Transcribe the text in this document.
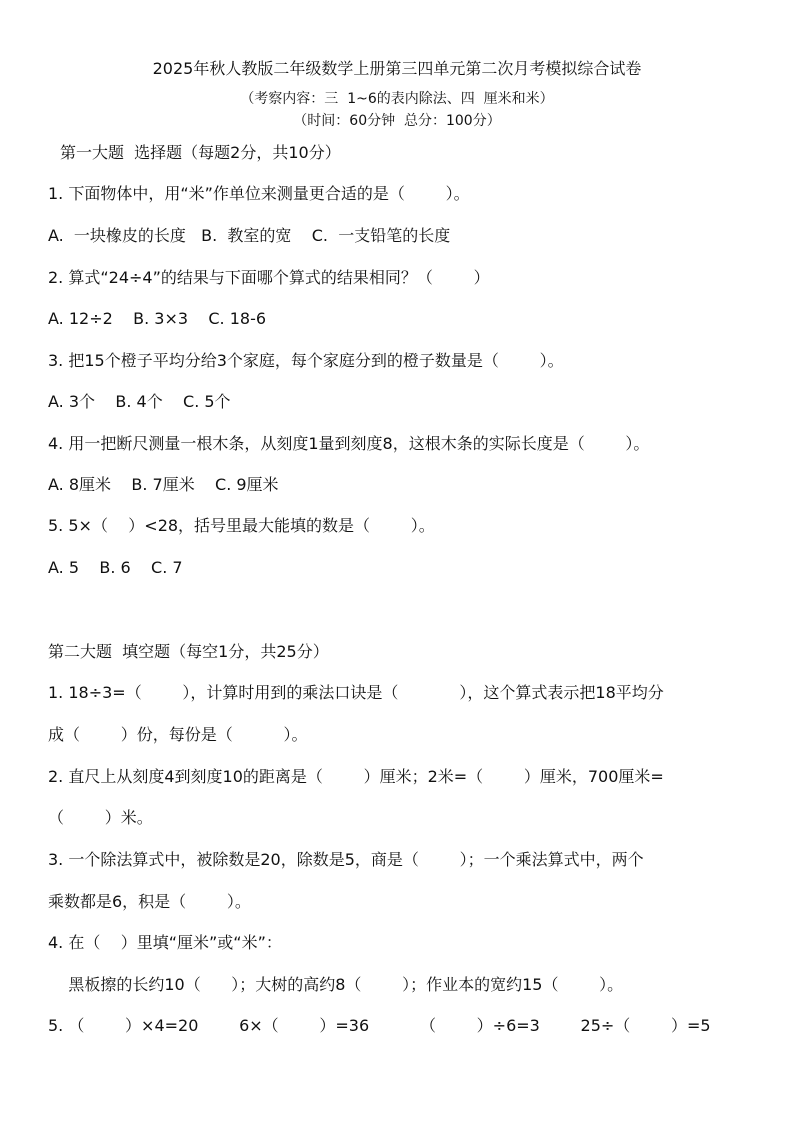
2025年秋人教版二年级数学上册第三四单元第二次月考模拟综合试卷
（考察内容：三  1~6的表内除法、四  厘米和米）
（时间：60分钟  总分：100分）
第一大题  选择题（每题2分，共10分）
1. 下面物体中，用“米”作单位来测量更合适的是（        ）。
A.  一块橡皮的长度   B.  教室的宽    C.  一支铅笔的长度
2. 算式“24÷4”的结果与下面哪个算式的结果相同？（        ）
A. 12÷2    B. 3×3    C. 18-6
3. 把15个橙子平均分给3个家庭，每个家庭分到的橙子数量是（        ）。
A. 3个    B. 4个    C. 5个
4. 用一把断尺测量一根木条，从刻度1量到刻度8，这根木条的实际长度是（        ）。
A. 8厘米    B. 7厘米    C. 9厘米
5. 5×（    ）<28，括号里最大能填的数是（        ）。
A. 5    B. 6    C. 7
第二大题  填空题（每空1分，共25分）
1. 18÷3=（        ），计算时用到的乘法口诀是（            ），这个算式表示把18平均分
成（        ）份，每份是（          ）。
2. 直尺上从刻度4到刻度10的距离是（        ）厘米；2米=（        ）厘米，700厘米=
（        ）米。
3. 一个除法算式中，被除数是20，除数是5，商是（        ）；一个乘法算式中，两个
乘数都是6，积是（        ）。
4. 在（    ）里填“厘米”或“米”：
黑板擦的长约10（      ）；大树的高约8（        ）；作业本的宽约15（        ）。
5. （        ）×4=20        6×（        ）=36          （        ）÷6=3        25÷（        ）=5
